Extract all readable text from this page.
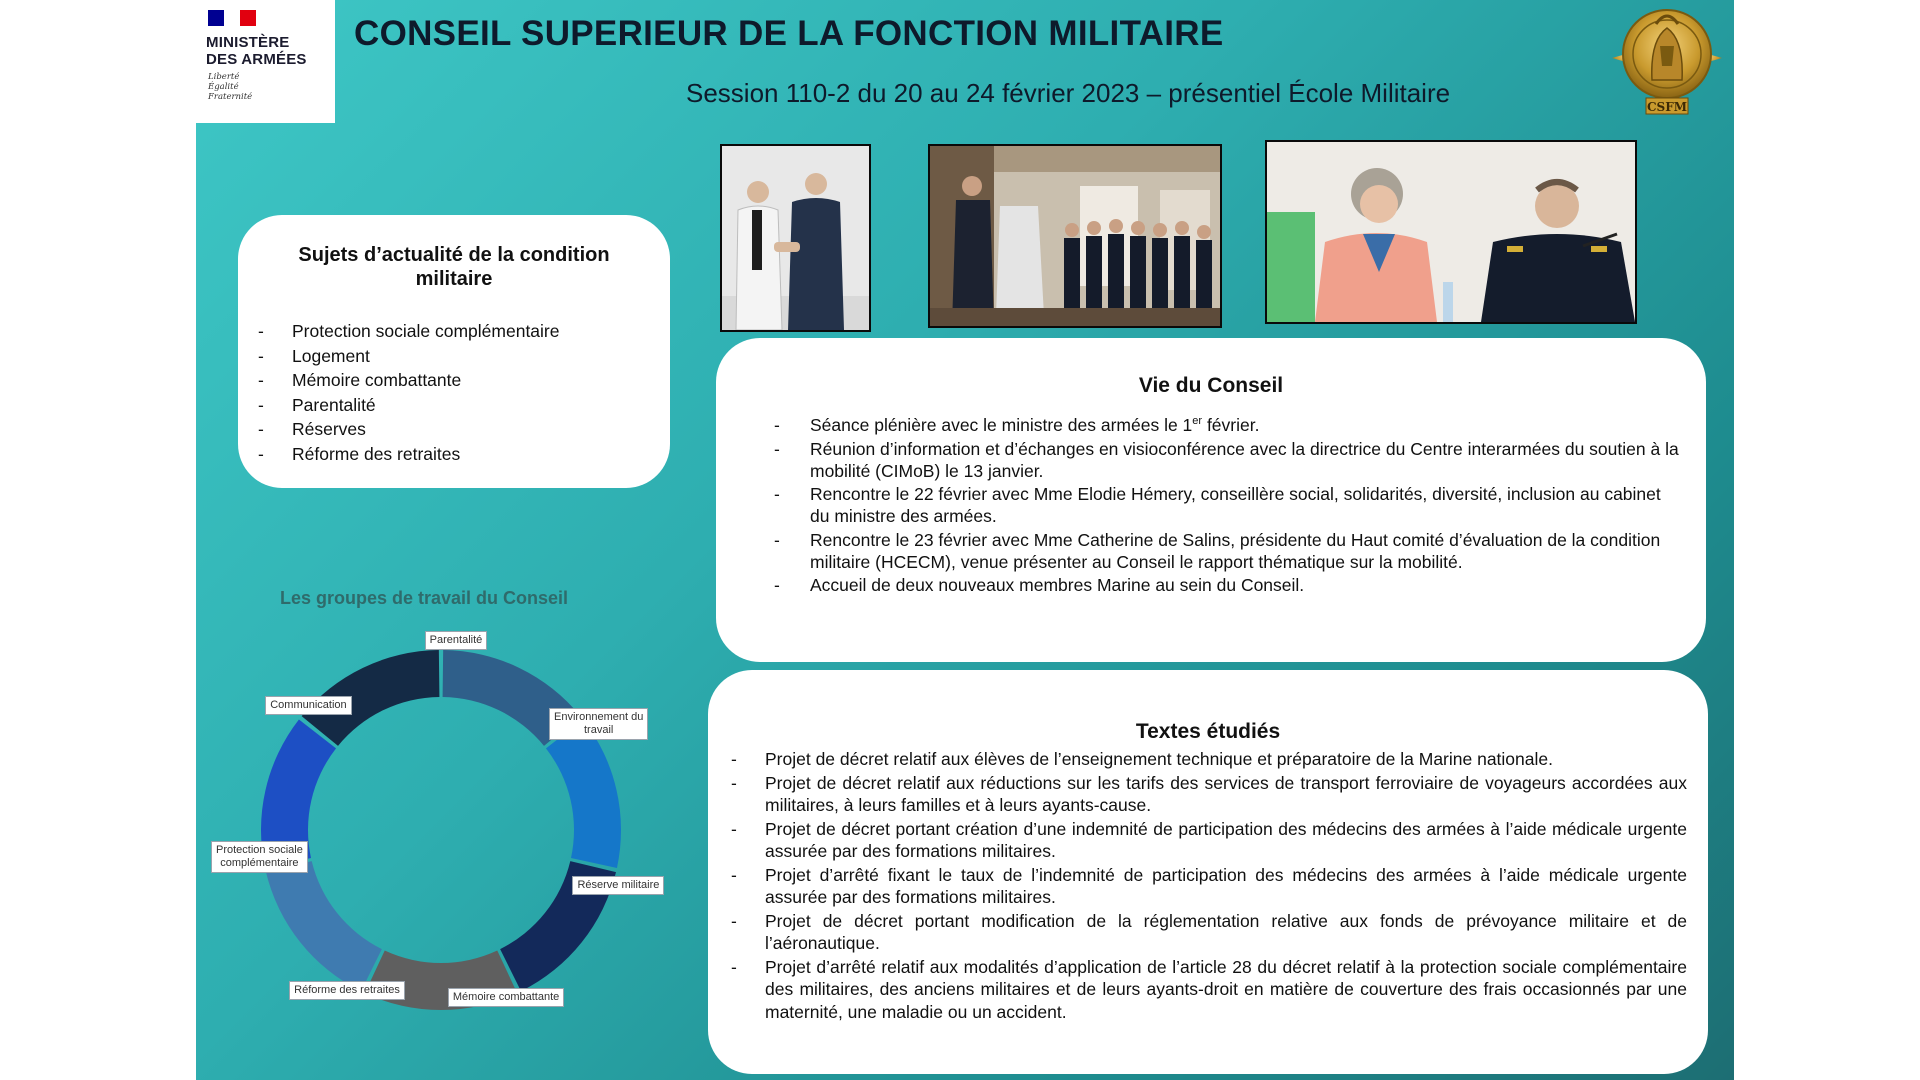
MINISTÈRE
DES ARMÉES
Liberté
Égalité
Fraternité
CONSEIL SUPERIEUR DE LA FONCTION MILITAIRE
Session 110-2 du 20 au 24 février 2023 – présentiel École Militaire	CSFM
Sujets d’actualité de la condition militaire
- Protection sociale complémentaire
- Logement
- Mémoire combattante
- Parentalité
- Réserves
- Réforme des retraites
Vie du Conseil
- Séance plénière avec le ministre des armées le 1er février.
- Réunion d’information et d’échanges en visioconférence avec la directrice du Centre interarmées du soutien à la mobilité (CIMoB) le 13 janvier.
- Rencontre le 22 février avec Mme Elodie Hémery, conseillère social, solidarités, diversité, inclusion au cabinet du ministre des armées.
- Rencontre le 23 février avec Mme Catherine de Salins, présidente du Haut comité d’évaluation de la condition militaire (HCECM), venue présenter au Conseil le rapport thématique sur la mobilité.
- Accueil de deux nouveaux membres Marine au sein du Conseil.
Textes étudiés
- Projet de décret relatif aux élèves de l’enseignement technique et préparatoire de la Marine nationale.
- Projet de décret relatif aux réductions sur les tarifs des services de transport ferroviaire de voyageurs accordées aux militaires, à leurs familles et à leurs ayants-cause.
- Projet de décret portant création d’une indemnité de participation des médecins des armées à l’aide médicale urgente assurée par des formations militaires.
- Projet d’arrêté fixant le taux de l’indemnité de participation des médecins des armées à l’aide médicale urgente assurée par des formations militaires.
- Projet de décret portant modification de la réglementation relative aux fonds de prévoyance militaire et de l’aéronautique.
- Projet d’arrêté relatif aux modalités d’application de l’article 28 du décret relatif à la protection sociale complémentaire des militaires, des anciens militaires et de leurs ayants-droit en matière de couverture des frais occasionnés par une maternité, une maladie ou un accident.
Les groupes de travail du Conseil
Parentalité
Environnement du
travail
Réserve militaire
Mémoire combattante
Réforme des retraites
Protection sociale
complémentaire
Communication
